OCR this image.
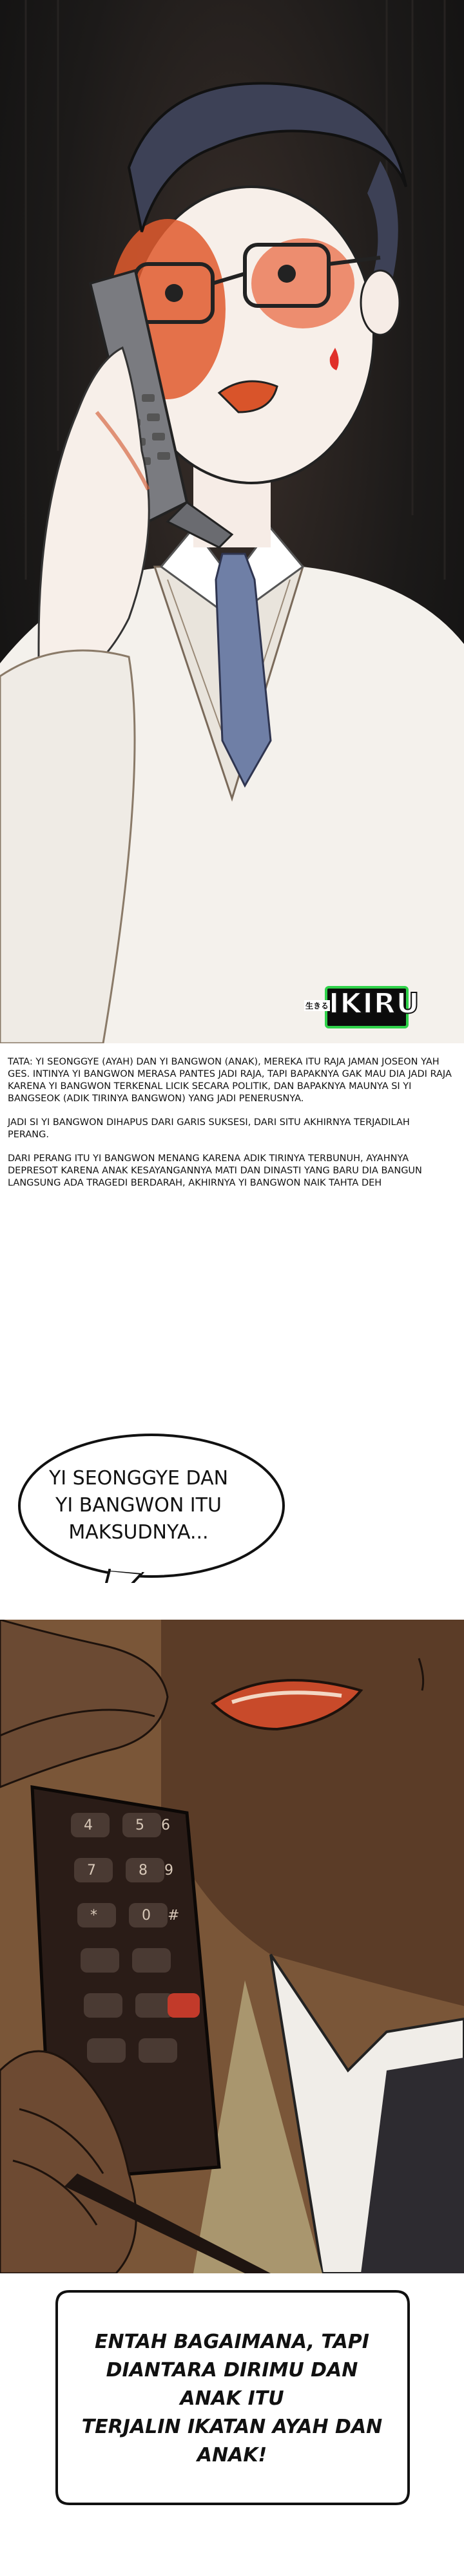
生きる IKIRU

TATA: YI SEONGGYE (AYAH) DAN YI BANGWON (ANAK), MEREKA ITU RAJA JAMAN JOSEON YAH GES. INTINYA YI BANGWON MERASA PANTES JADI RAJA, TAPI BAPAKNYA GAK MAU DIA JADI RAJA KARENA YI BANGWON TERKENAL LICIK SECARA POLITIK, DAN BAPAKNYA MAUNYA SI YI BANGSEOK (ADIK TIRINYA BANGWON) YANG JADI PENERUSNYA.

JADI SI YI BANGWON DIHAPUS DARI GARIS SUKSESI, DARI SITU AKHIRNYA TERJADILAH PERANG.

DARI PERANG ITU YI BANGWON MENANG KARENA ADIK TIRINYA TERBUNUH, AYAHNYA DEPRESOT KARENA ANAK KESAYANGANNYA MATI DAN DINASTI YANG BARU DIA BANGUN LANGSUNG ADA TRAGEDI BERDARAH, AKHIRNYA YI BANGWON NAIK TAHTA DEH

YI SEONGGYE DAN
YI BANGWON ITU
MAKSUDNYA...
4	5
7	8
*	0
6
9
#
ENTAH BAGAIMANA, TAPI
DIANTARA DIRIMU DAN ANAK ITU
TERJALIN IKATAN AYAH DAN
ANAK!
